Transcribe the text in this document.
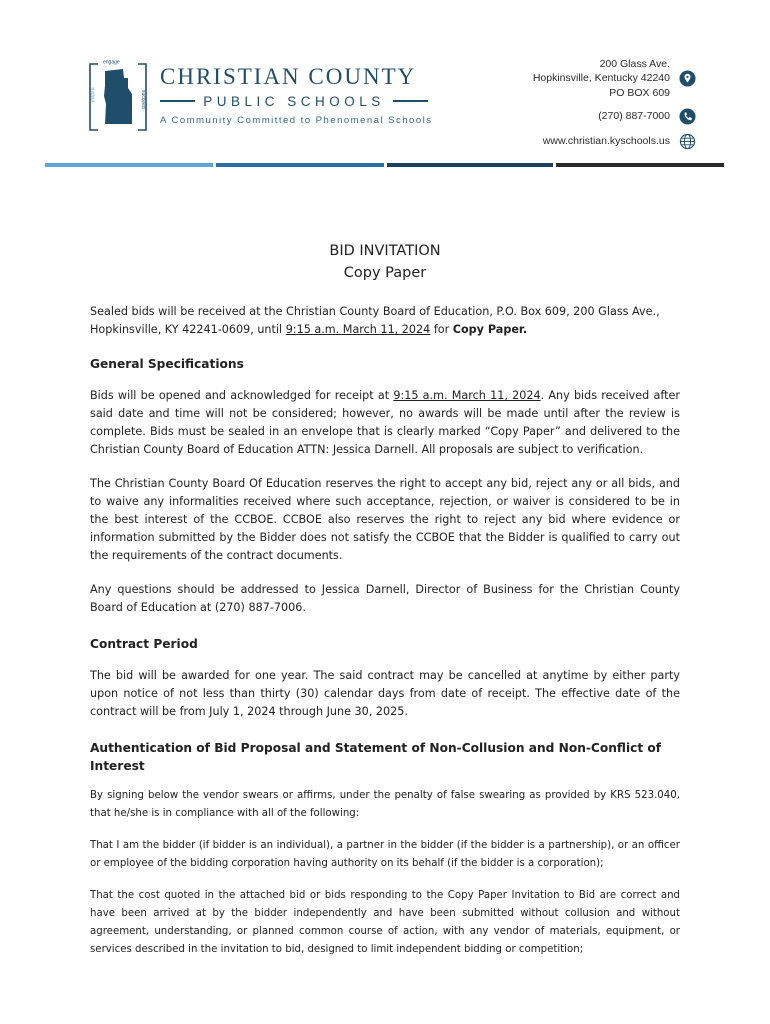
engage
inspire	succeed
CHRISTIAN COUNTY
PUBLIC SCHOOLS
A Community Committed to Phenomenal Schools
200 Glass Ave.
Hopkinsville, Kentucky 42240
PO BOX 609
(270) 887-7000
www.christian.kyschools.us

BID INVITATION

Copy Paper

Sealed bids will be received at the Christian County Board of Education, P.O. Box 609, 200 Glass Ave., Hopkinsville, KY 42241-0609, until 9:15 a.m. March 11, 2024 for Copy Paper.

General Specifications

Bids will be opened and acknowledged for receipt at 9:15 a.m. March 11, 2024. Any bids received after said date and time will not be considered; however, no awards will be made until after the review is complete. Bids must be sealed in an envelope that is clearly marked “Copy Paper” and delivered to the Christian County Board of Education ATTN: Jessica Darnell. All proposals are subject to verification.

The Christian County Board Of Education reserves the right to accept any bid, reject any or all bids, and to waive any informalities received where such acceptance, rejection, or waiver is considered to be in the best interest of the CCBOE. CCBOE also reserves the right to reject any bid where evidence or information submitted by the Bidder does not satisfy the CCBOE that the Bidder is qualified to carry out the requirements of the contract documents.

Any questions should be addressed to Jessica Darnell, Director of Business for the Christian County Board of Education at (270) 887-7006.

Contract Period

The bid will be awarded for one year. The said contract may be cancelled at anytime by either party upon notice of not less than thirty (30) calendar days from date of receipt. The effective date of the contract will be from July 1, 2024 through June 30, 2025.

Authentication of Bid Proposal and Statement of Non-Collusion and Non-Conflict of Interest

By signing below the vendor swears or affirms, under the penalty of false swearing as provided by KRS 523.040, that he/she is in compliance with all of the following:

That I am the bidder (if bidder is an individual), a partner in the bidder (if the bidder is a partnership), or an officer or employee of the bidding corporation having authority on its behalf (if the bidder is a corporation);

That the cost quoted in the attached bid or bids responding to the Copy Paper Invitation to Bid are correct and have been arrived at by the bidder independently and have been submitted without collusion and without agreement, understanding, or planned common course of action, with any vendor of materials, equipment, or services described in the invitation to bid, designed to limit independent bidding or competition;
